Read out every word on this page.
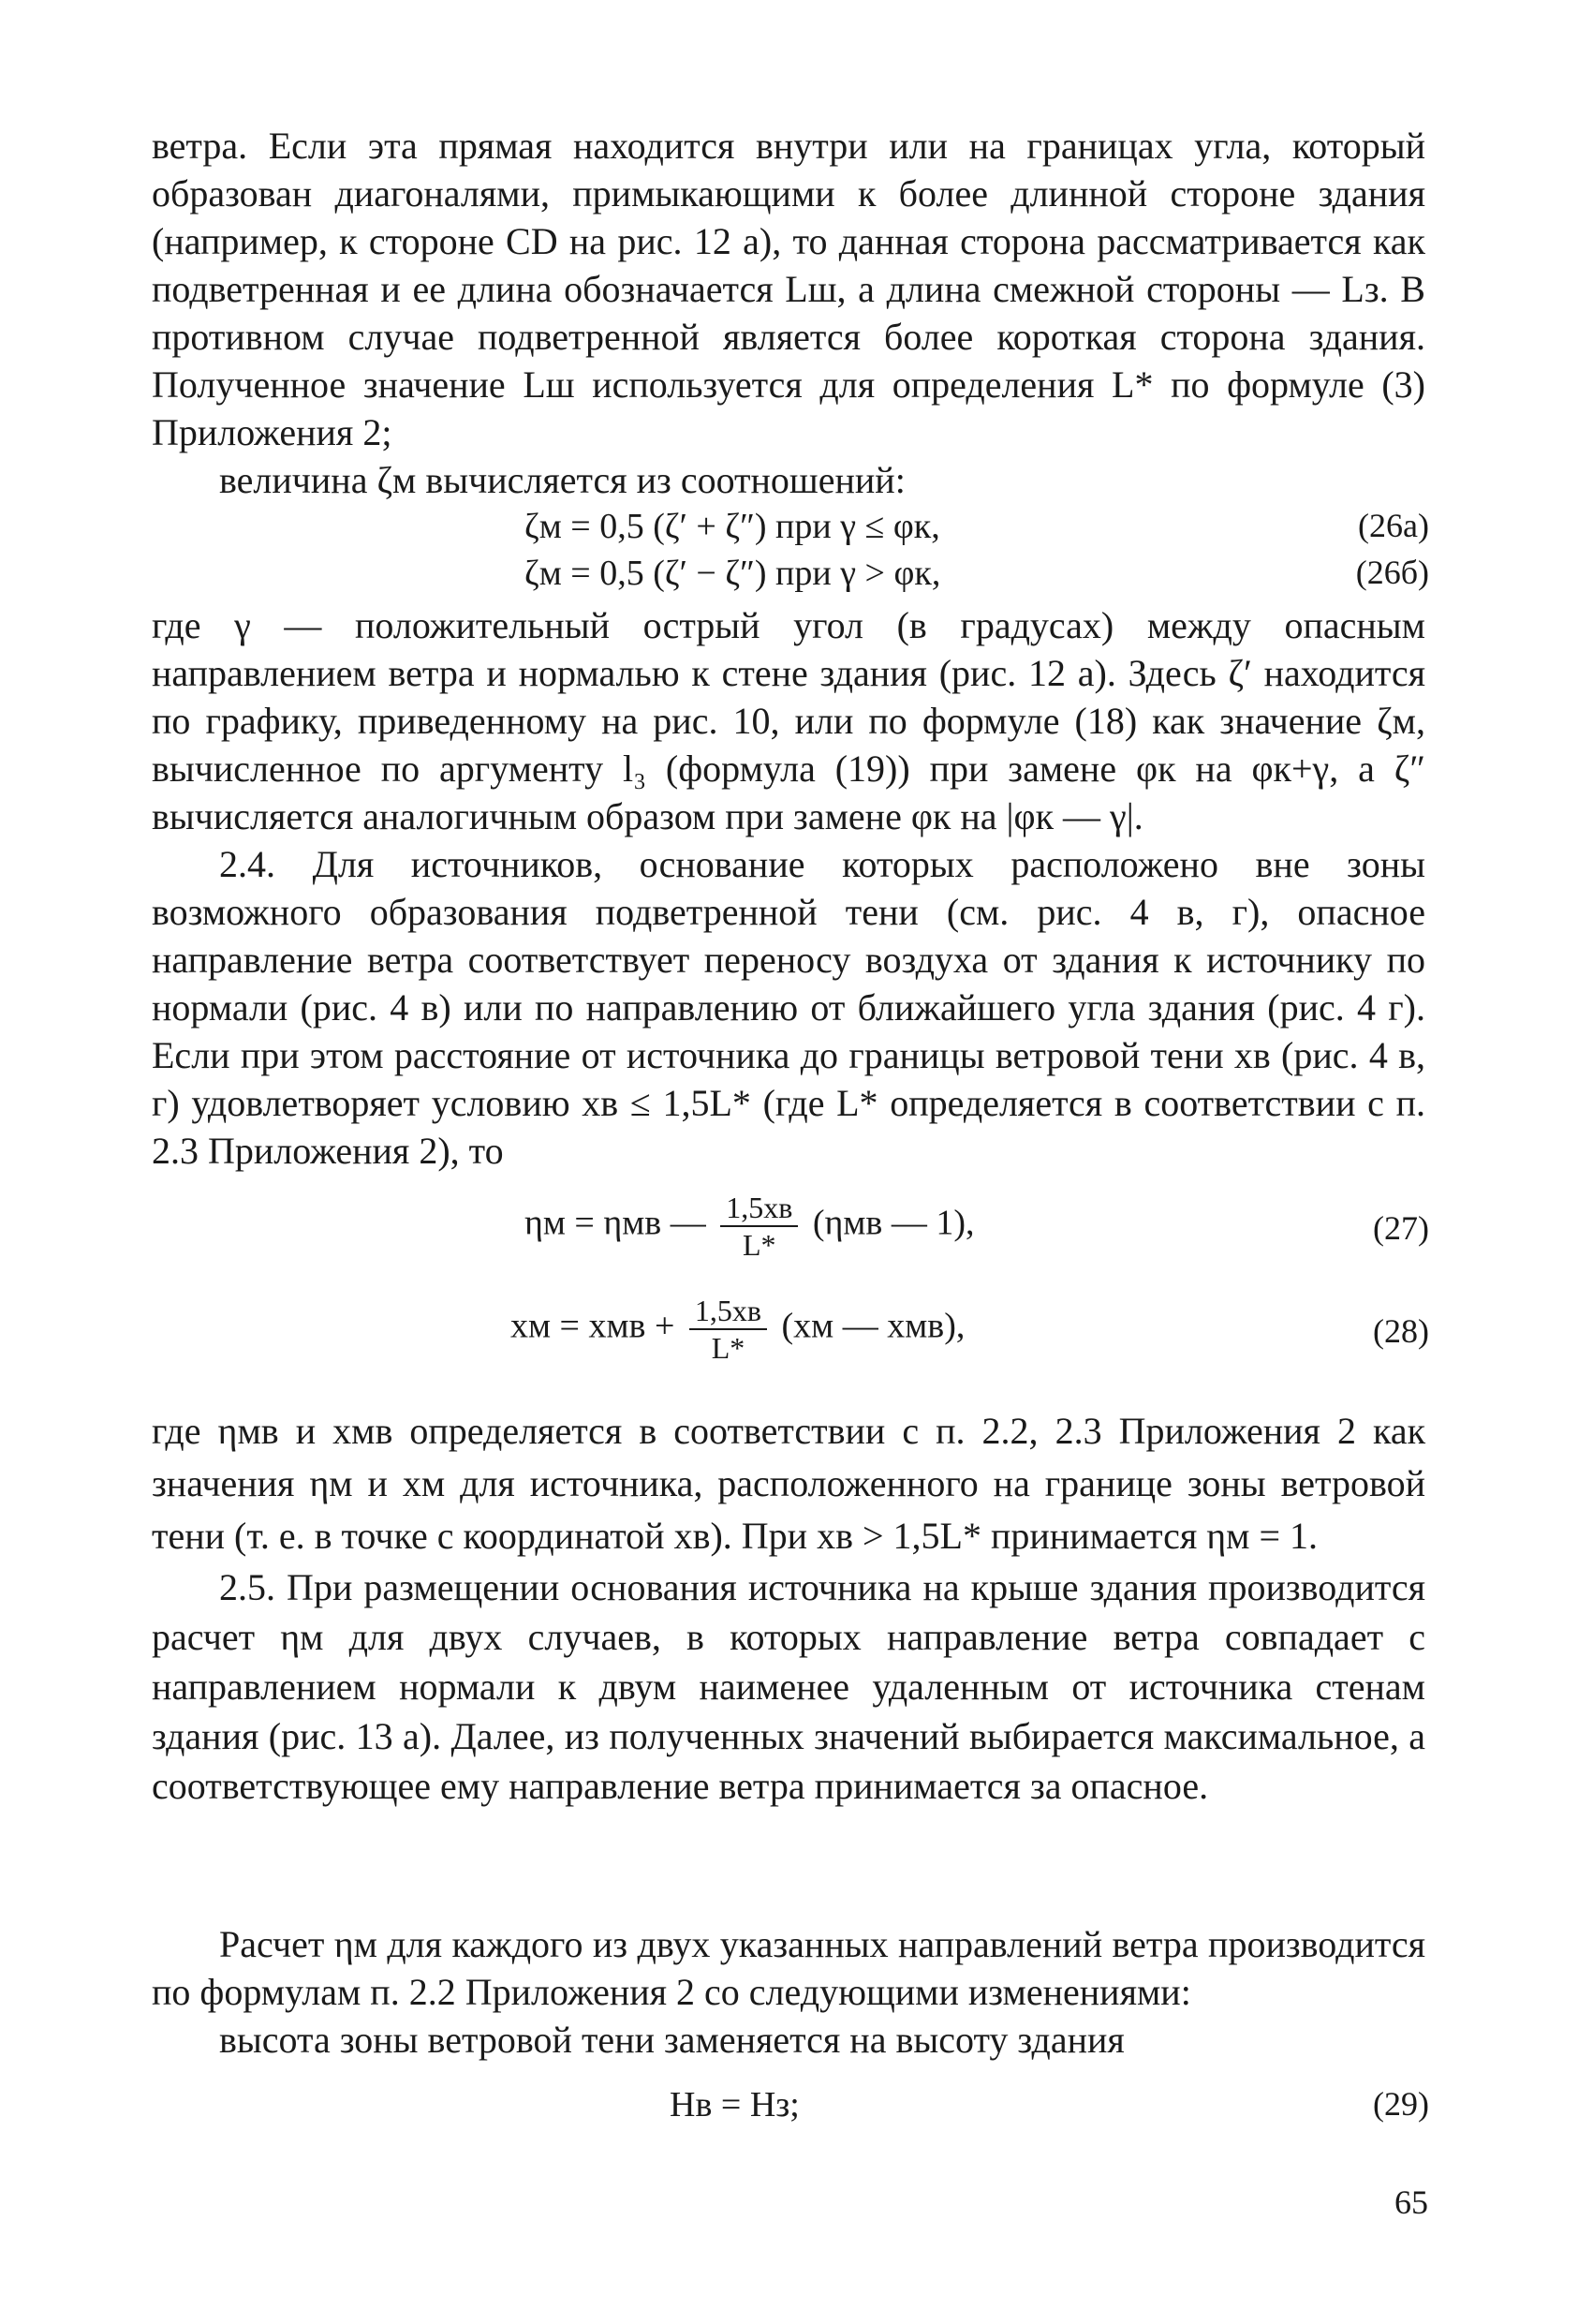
ветра. Если эта прямая находится внутри или на границах угла, который образован диагоналями, примыкающими к более длинной стороне здания (например, к стороне CD на рис. 12 а), то данная сторона рассматривается как подветренная и ее длина обозначается Lш, а длина смежной стороны — Lз. В противном случае подветренной является более короткая сторона здания. Полученное значение Lш используется для определения L* по формуле (3) Приложения 2;

величина ζм вычисляется из соотношений:

ζм = 0,5 (ζ′ + ζ″) при γ ≤ φк,	(26а)
ζм = 0,5 (ζ′ − ζ″) при γ > φк,	(26б)

где γ — положительный острый угол (в градусах) между опасным направлением ветра и нормалью к стене здания (рис. 12 а). Здесь ζ′ находится по графику, приведенному на рис. 10, или по формуле (18) как значение ζм, вычисленное по аргументу l₃ (формула (19)) при замене φк на φк+γ, а ζ″ вычисляется аналогичным образом при замене φк на |φк — γ|.

2.4. Для источников, основание которых расположено вне зоны возможного образования подветренной тени (см. рис. 4 в, г), опасное направление ветра соответствует переносу воздуха от здания к источнику по нормали (рис. 4 в) или по направлению от ближайшего угла здания (рис. 4 г). Если при этом расстояние от источника до границы ветровой тени xв (рис. 4 в, г) удовлетворяет условию xв ≤ 1,5L* (где L* определяется в соответствии с п. 2.3 Приложения 2), то

ηм = ηмв — $\frac{1,5xв}{L*} (\eta мв$ — 1),	(27)
xм = xмв + $\frac{1,5xв}{L*} (xм$ — xмв),	(28)

где ηмв и xмв определяется в соответствии с п. 2.2, 2.3 Приложения 2 как значения ηм и xм для источника, расположенного на границе зоны ветровой тени (т. е. в точке с координатой xв). При xв > 1,5L* принимается ηм = 1.

2.5. При размещении основания источника на крыше здания производится расчет ηм для двух случаев, в которых направление ветра совпадает с направлением нормали к двум наименее удаленным от источника стенам здания (рис. 13 а). Далее, из полученных значений выбирается максимальное, а соответствующее ему направление ветра принимается за опасное.

Расчет ηм для каждого из двух указанных направлений ветра производится по формулам п. 2.2 Приложения 2 со следующими изменениями:

высота зоны ветровой тени заменяется на высоту здания

Hв = Hз;	(29)
65
